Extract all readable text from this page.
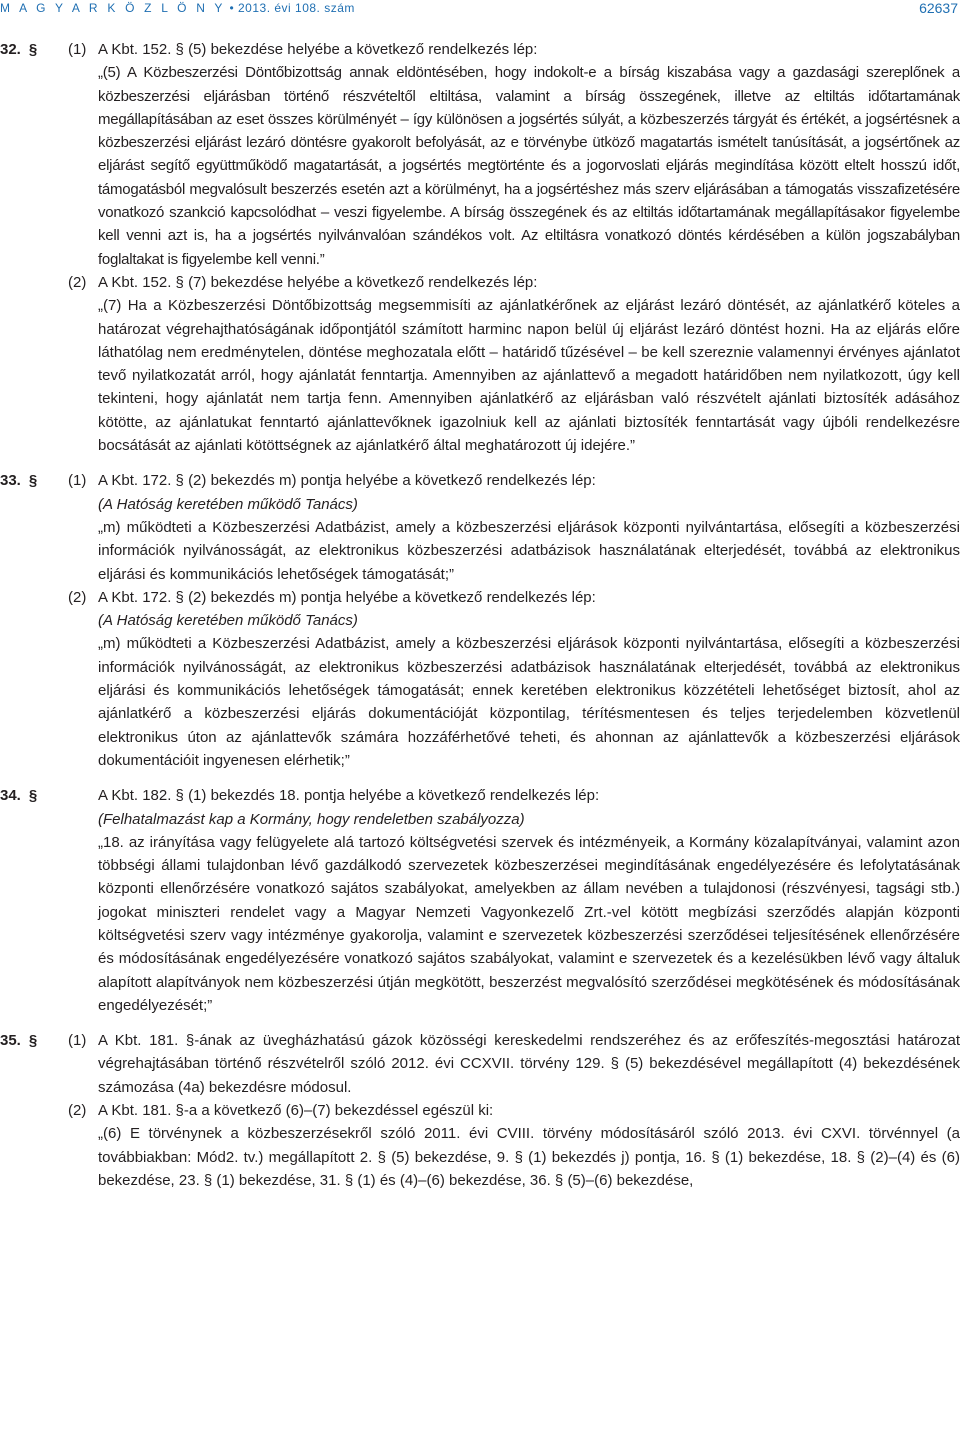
M A G Y A R K Ö Z L Ö N Y • 2013. évi 108. szám	62637
32. §	(1) A Kbt. 152. § (5) bekezdése helyébe a következő rendelkezés lép:

„(5) A Közbeszerzési Döntőbizottság annak eldöntésében, hogy indokolt-e a bírság kiszabása vagy a gazdasági szereplőnek a közbeszerzési eljárásban történő részvételtől eltiltása, valamint a bírság összegének, illetve az eltiltás időtartamának megállapításában az eset összes körülményét – így különösen a jogsértés súlyát, a közbeszerzés tárgyát és értékét, a jogsértésnek a közbeszerzési eljárást lezáró döntésre gyakorolt befolyását, az e törvénybe ütköző magatartás ismételt tanúsítását, a jogsértőnek az eljárást segítő együttműködő magatartását, a jogsértés megtörténte és a jogorvoslati eljárás megindítása között eltelt hosszú időt, támogatásból megvalósult beszerzés esetén azt a körülményt, ha a jogsértéshez más szerv eljárásában a támogatás visszafizetésére vonatkozó szankció kapcsolódhat – veszi figyelembe. A bírság összegének és az eltiltás időtartamának megállapításakor figyelembe kell venni azt is, ha a jogsértés nyilvánvalóan szándékos volt. Az eltiltásra vonatkozó döntés kérdésében a külön jogszabályban foglaltakat is figyelembe kell venni.”

(2) A Kbt. 152. § (7) bekezdése helyébe a következő rendelkezés lép:

„(7) Ha a Közbeszerzési Döntőbizottság megsemmisíti az ajánlatkérőnek az eljárást lezáró döntését, az ajánlatkérő köteles a határozat végrehajthatóságának időpontjától számított harminc napon belül új eljárást lezáró döntést hozni. Ha az eljárás előre láthatólag nem eredménytelen, döntése meghozatala előtt – határidő tűzésével – be kell szereznie valamennyi érvényes ajánlatot tevő nyilatkozatát arról, hogy ajánlatát fenntartja. Amennyiben az ajánlattevő a megadott határidőben nem nyilatkozott, úgy kell tekinteni, hogy ajánlatát nem tartja fenn. Amennyiben ajánlatkérő az eljárásban való részvételt ajánlati biztosíték adásához kötötte, az ajánlatukat fenntartó ajánlattevőknek igazolniuk kell az ajánlati biztosíték fenntartását vagy újbóli rendelkezésre bocsátását az ajánlati kötöttségnek az ajánlatkérő által meghatározott új idejére.”

33. §	(1) A Kbt. 172. § (2) bekezdés m) pontja helyébe a következő rendelkezés lép:

(A Hatóság keretében működő Tanács)

„m) működteti a Közbeszerzési Adatbázist, amely a közbeszerzési eljárások központi nyilvántartása, elősegíti a közbeszerzési információk nyilvánosságát, az elektronikus közbeszerzési adatbázisok használatának elterjedését, továbbá az elektronikus eljárási és kommunikációs lehetőségek támogatását;”

(2) A Kbt. 172. § (2) bekezdés m) pontja helyébe a következő rendelkezés lép:

(A Hatóság keretében működő Tanács)

„m) működteti a Közbeszerzési Adatbázist, amely a közbeszerzési eljárások központi nyilvántartása, elősegíti a közbeszerzési információk nyilvánosságát, az elektronikus közbeszerzési adatbázisok használatának elterjedését, továbbá az elektronikus eljárási és kommunikációs lehetőségek támogatását; ennek keretében elektronikus közzétételi lehetőséget biztosít, ahol az ajánlatkérő a közbeszerzési eljárás dokumentációját központilag, térítésmentesen és teljes terjedelemben közvetlenül elektronikus úton az ajánlattevők számára hozzáférhetővé teheti, és ahonnan az ajánlattevők a közbeszerzési eljárások dokumentációit ingyenesen elérhetik;”

34. §	A Kbt. 182. § (1) bekezdés 18. pontja helyébe a következő rendelkezés lép:

(Felhatalmazást kap a Kormány, hogy rendeletben szabályozza)

„18. az irányítása vagy felügyelete alá tartozó költségvetési szervek és intézményeik, a Kormány közalapítványai, valamint azon többségi állami tulajdonban lévő gazdálkodó szervezetek közbeszerzései megindításának engedélyezésére és lefolytatásának központi ellenőrzésére vonatkozó sajátos szabályokat, amelyekben az állam nevében a tulajdonosi (részvényesi, tagsági stb.) jogokat miniszteri rendelet vagy a Magyar Nemzeti Vagyonkezelő Zrt.-vel kötött megbízási szerződés alapján központi költségvetési szerv vagy intézménye gyakorolja, valamint e szervezetek közbeszerzési szerződései teljesítésének ellenőrzésére és módosításának engedélyezésére vonatkozó sajátos szabályokat, valamint e szervezetek és a kezelésükben lévő vagy általuk alapított alapítványok nem közbeszerzési útján megkötött, beszerzést megvalósító szerződései megkötésének és módosításának engedélyezését;”

35. §	(1) A Kbt. 181. §-ának az üvegházhatású gázok közösségi kereskedelmi rendszeréhez és az erőfeszítés-megosztási határozat végrehajtásában történő részvételről szóló 2012. évi CCXVII. törvény 129. § (5) bekezdésével megállapított (4) bekezdésének számozása (4a) bekezdésre módosul.

(2) A Kbt. 181. §-a a következő (6)–(7) bekezdéssel egészül ki:

„(6) E törvénynek a közbeszerzésekről szóló 2011. évi CVIII. törvény módosításáról szóló 2013. évi CXVI. törvénnyel (a továbbiakban: Mód2. tv.) megállapított 2. § (5) bekezdése, 9. § (1) bekezdés j) pontja, 16. § (1) bekezdése, 18. § (2)–(4) és (6) bekezdése, 23. § (1) bekezdése, 31. § (1) és (4)–(6) bekezdése, 36. § (5)–(6) bekezdése,
